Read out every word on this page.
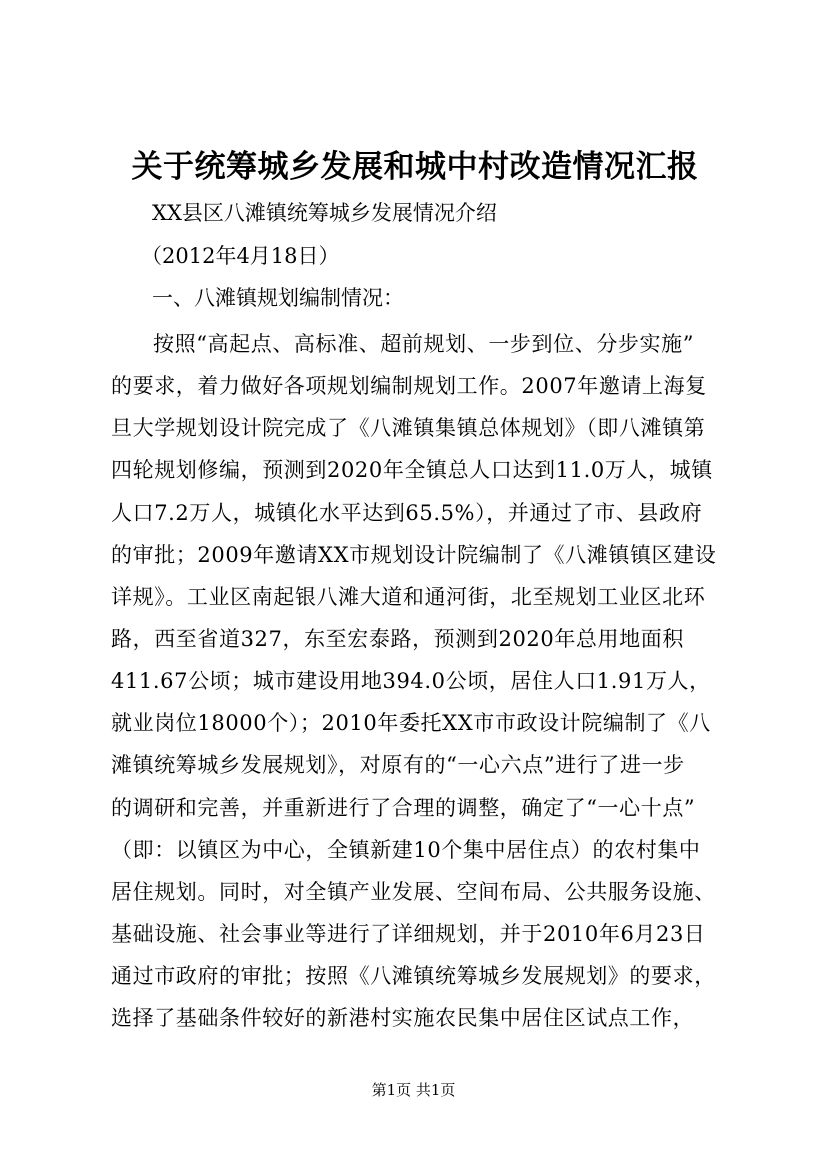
关于统筹城乡发展和城中村改造情况汇报
XX县区八滩镇统筹城乡发展情况介绍
（2012年4月18日）
一、八滩镇规划编制情况：
按照“高起点、高标准、超前规划、一步到位、分步实施”
的要求，着力做好各项规划编制规划工作。2007年邀请上海复
旦大学规划设计院完成了《八滩镇集镇总体规划》（即八滩镇第
四轮规划修编，预测到2020年全镇总人口达到11.0万人，城镇
人口7.2万人，城镇化水平达到65.5%），并通过了市、县政府
的审批；2009年邀请XX市规划设计院编制了《八滩镇镇区建设
详规》。工业区南起银八滩大道和通河街，北至规划工业区北环
路，西至省道327，东至宏泰路，预测到2020年总用地面积
411.67公顷；城市建设用地394.0公顷，居住人口1.91万人，
就业岗位18000个）；2010年委托XX市市政设计院编制了《八
滩镇统筹城乡发展规划》，对原有的“一心六点”进行了进一步
的调研和完善，并重新进行了合理的调整，确定了“一心十点”
（即：以镇区为中心，全镇新建10个集中居住点）的农村集中
居住规划。同时，对全镇产业发展、空间布局、公共服务设施、
基础设施、社会事业等进行了详细规划，并于2010年6月23日
通过市政府的审批；按照《八滩镇统筹城乡发展规划》的要求，
选择了基础条件较好的新港村实施农民集中居住区试点工作，
第1页 共1页
